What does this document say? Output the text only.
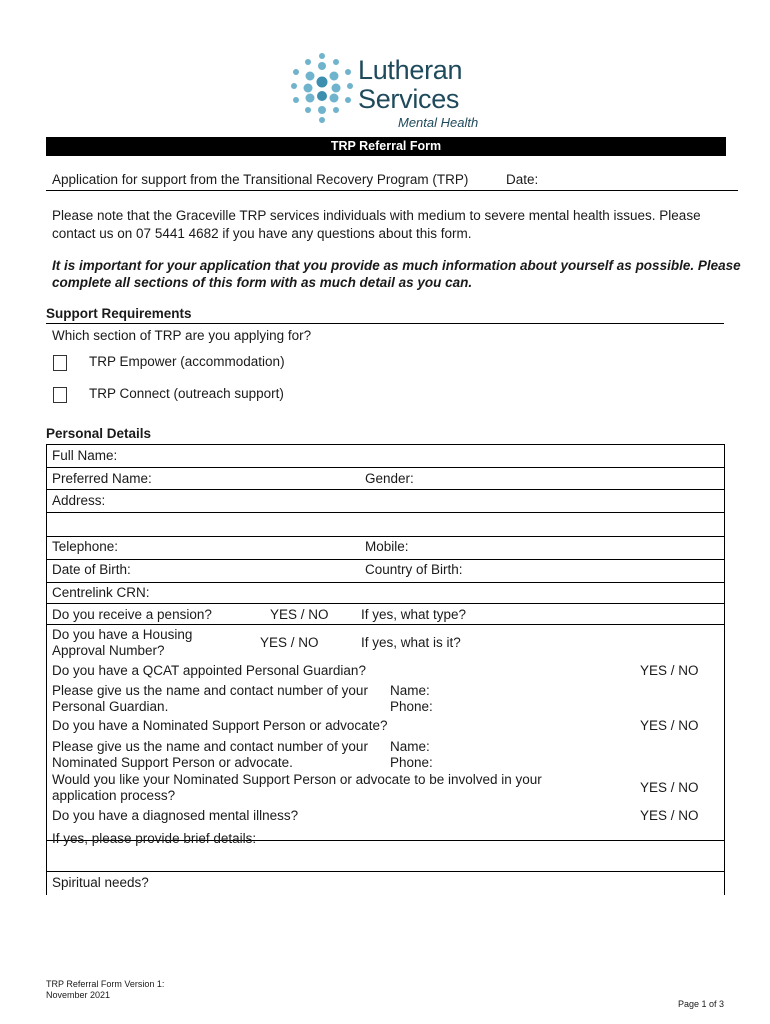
Lutheran
Services
Mental Health
TRP Referral Form
Application for support from the Transitional Recovery Program (TRP)	Date:
Please note that the Graceville TRP services individuals with medium to severe mental health issues. Please contact us on 07 5441 4682 if you have any questions about this form.
It is important for your application that you provide as much information about yourself as possible. Please complete all sections of this form with as much detail as you can.
Support Requirements
Which section of TRP are you applying for?
TRP Empower (accommodation)
TRP Connect (outreach support)
Personal Details
Full Name:
Preferred Name:	Gender:
Address:
Telephone:	Mobile:
Date of Birth:	Country of Birth:
Centrelink CRN:
Do you receive a pension?	YES / NO If yes, what type?
Do you have a Housing
Approval Number?
YES / NO	If yes, what is it?
Do you have a QCAT appointed Personal Guardian?	YES / NO
Please give us the name and contact number of your
Personal Guardian.
Name:
Phone:
Do you have a Nominated Support Person or advocate?	YES / NO
Please give us the name and contact number of your
Nominated Support Person or advocate.
Name:
Phone:
Would you like your Nominated Support Person or advocate to be involved in your
application process?
YES / NO
Do you have a diagnosed mental illness?	YES / NO
If yes, please provide brief details:
Spiritual needs?
TRP Referral Form Version 1:
November 2021
Page 1 of 3
